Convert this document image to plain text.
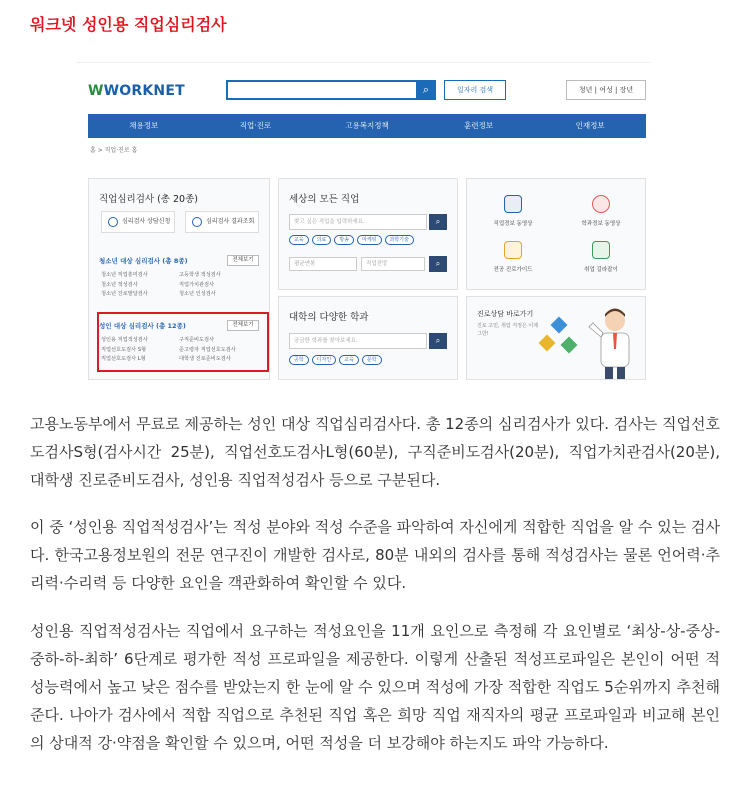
워크넷 성인용 직업심리검사
WWORKNET	⌕	일자리 검색	청년 | 여성 | 장년
채용정보	직업·진로	고용복지정책	훈련정보	인재정보
홈 > 직업·진로 홈
직업심리검사 (총 20종)
심리검사 상담신청	심리검사 결과조회
청소년 대상 심리검사 (총 8종)	전체보기
청소년 직업흥미검사	고등학생 적성검사
청소년 적성검사	직업가치관검사
청소년 진로발달검사	청소년 인성검사
성인 대상 심리검사 (총 12종)	전체보기
성인용 직업적성검사	구직준비도검사
직업선호도검사 S형	준고령자 직업선호도검사
직업선호도검사 L형	대학생 진로준비도검사
세상의 모든 직업
찾고 싶은 직업을 입력하세요.	⌕
교육	의료	방송	마케팅	과학기술
평균연봉	직업전망	⌕
대학의 다양한 학과
궁금한 학과를 찾아보세요.	⌕
공학	디자인	교육	문학
직업정보 동영상	학과정보 동영상
전공 진로가이드	취업 길라잡이
진로상담 바로가기
진로 고민, 취업 걱정은 이제 그만!

고용노동부에서 무료로 제공하는 성인 대상 직업심리검사다. 총 12종의 심리검사가 있다. 검사는 직업선호도검사S형(검사시간 25분), 직업선호도검사L형(60분), 구직준비도검사(20분), 직업가치관검사(20분), 대학생 진로준비도검사, 성인용 직업적성검사 등으로 구분된다.

이 중 ‘성인용 직업적성검사’는 적성 분야와 적성 수준을 파악하여 자신에게 적합한 직업을 알 수 있는 검사다. 한국고용정보원의 전문 연구진이 개발한 검사로, 80분 내외의 검사를 통해 적성검사는 물론 언어력·추리력·수리력 등 다양한 요인을 객관화하여 확인할 수 있다.

성인용 직업적성검사는 직업에서 요구하는 적성요인을 11개 요인으로 측정해 각 요인별로 ‘최상-상-중상-중하-하-최하’ 6단계로 평가한 적성 프로파일을 제공한다. 이렇게 산출된 적성프로파일은 본인이 어떤 적성능력에서 높고 낮은 점수를 받았는지 한 눈에 알 수 있으며 적성에 가장 적합한 직업도 5순위까지 추천해준다. 나아가 검사에서 적합 직업으로 추천된 직업 혹은 희망 직업 재직자의 평균 프로파일과 비교해 본인의 상대적 강·약점을 확인할 수 있으며, 어떤 적성을 더 보강해야 하는지도 파악 가능하다.
